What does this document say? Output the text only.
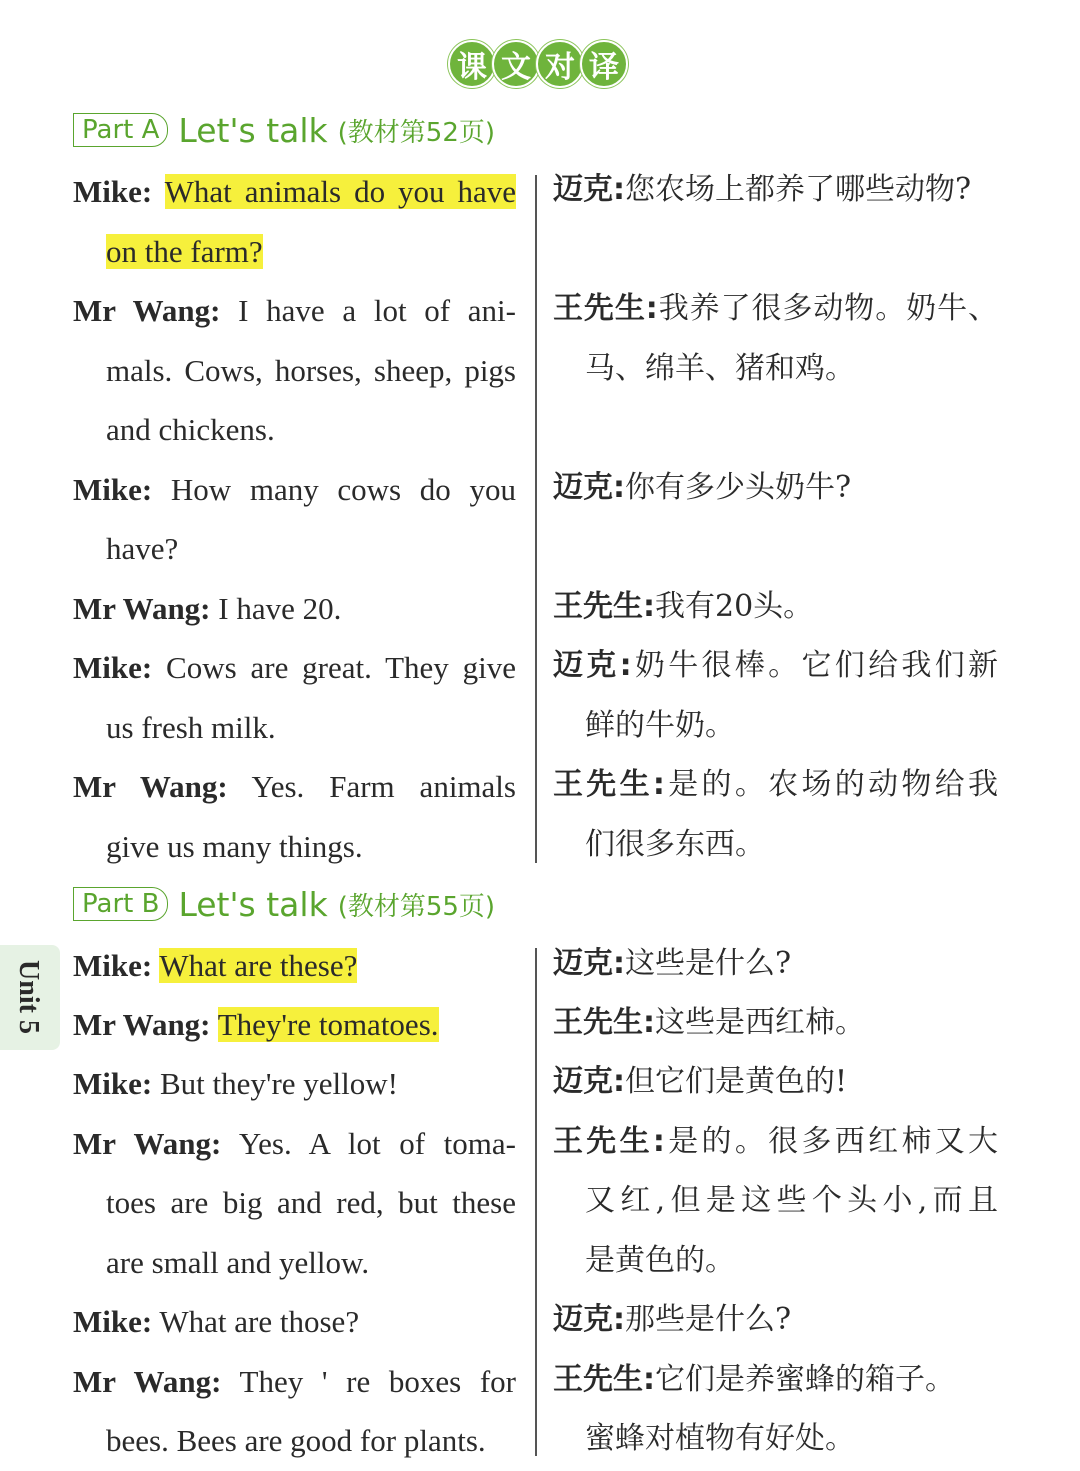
课 文 对 译
Part A Let's talk (教材第52页)
Mike: What animals do you have
on the farm?
Mr Wang: I have a lot of ani-
mals. Cows, horses, sheep, pigs
and chickens.
Mike: How many cows do you
have?
Mr Wang: I have 20.
Mike: Cows are great. They give
us fresh milk.
Mr Wang: Yes. Farm animals
give us many things.
迈克:您农场上都养了哪些动物?
王先生:我养了很多动物。奶牛、
马、绵羊、猪和鸡。
迈克:你有多少头奶牛?
王先生:我有20头。
迈克:奶牛很棒。它们给我们新
鲜的牛奶。
王先生:是的。农场的动物给我
们很多东西。
Part B Let's talk (教材第55页)
Unit 5 Mike: What are these?
Mr Wang: They're tomatoes.
Mike: But they're yellow!
Mr Wang: Yes. A lot of toma-
toes are big and red, but these
are small and yellow.
Mike: What are those?
Mr Wang: They ' re boxes for
bees. Bees are good for plants.
迈克:这些是什么?
王先生:这些是西红柿。
迈克:但它们是黄色的!
王先生:是的。很多西红柿又大
又红,但是这些个头小,而且
是黄色的。
迈克:那些是什么?
王先生:它们是养蜜蜂的箱子。
蜜蜂对植物有好处。
